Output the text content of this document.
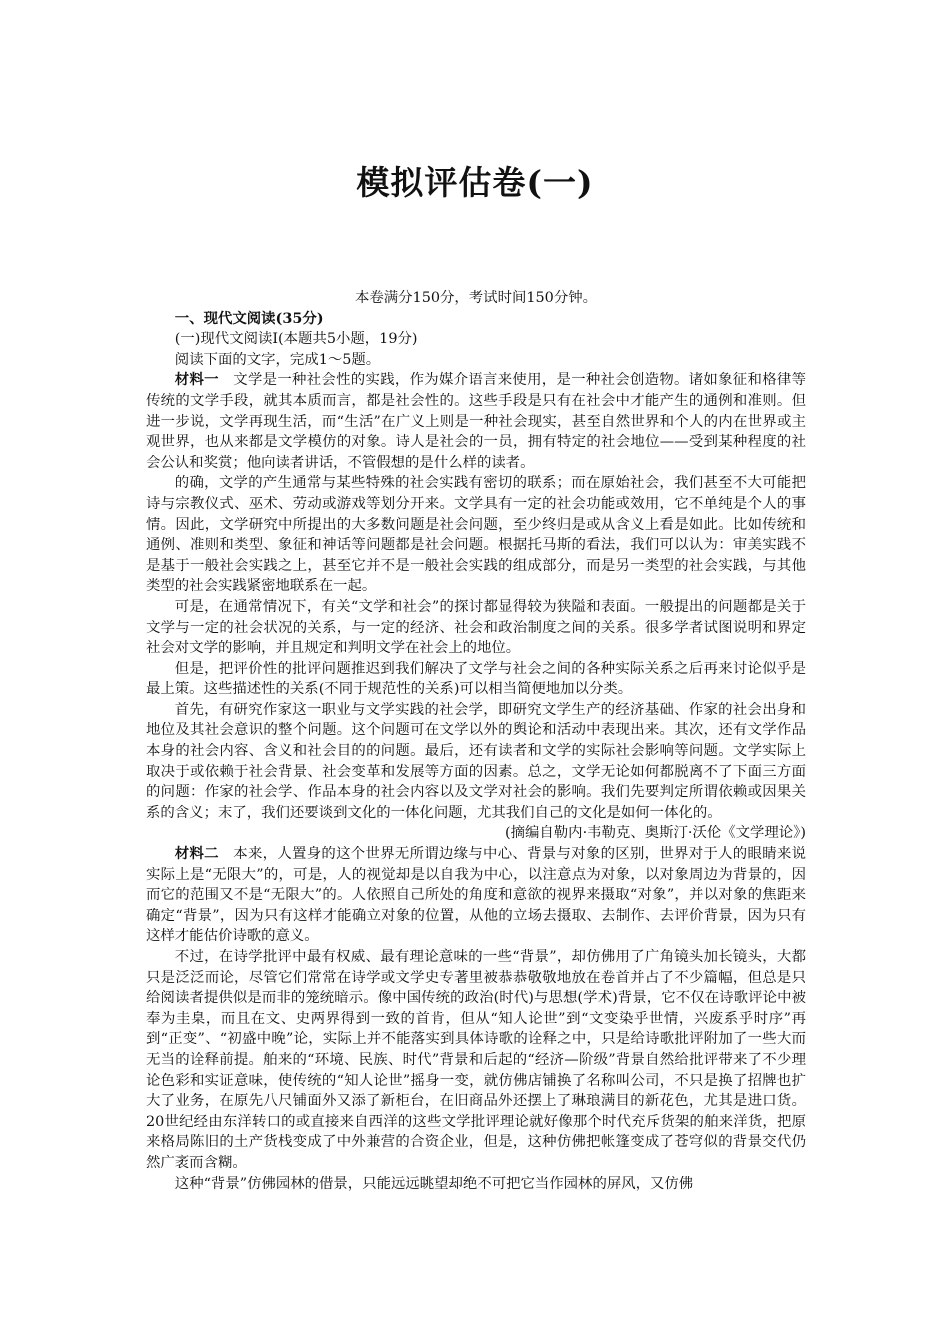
模拟评估卷(一)

本卷满分150分，考试时间150分钟。

一、现代文阅读(35分)

(一)现代文阅读Ⅰ(本题共5小题，19分)

阅读下面的文字，完成1～5题。

材料一 文学是一种社会性的实践，作为媒介语言来使用，是一种社会创造物。诸如象征和格律等传统的文学手段，就其本质而言，都是社会性的。这些手段是只有在社会中才能产生的通例和准则。但进一步说，文学再现生活，而“生活”在广义上则是一种社会现实，甚至自然世界和个人的内在世界或主观世界，也从来都是文学模仿的对象。诗人是社会的一员，拥有特定的社会地位——受到某种程度的社会公认和奖赏；他向读者讲话，不管假想的是什么样的读者。

的确，文学的产生通常与某些特殊的社会实践有密切的联系；而在原始社会，我们甚至不大可能把诗与宗教仪式、巫术、劳动或游戏等划分开来。文学具有一定的社会功能或效用，它不单纯是个人的事情。因此，文学研究中所提出的大多数问题是社会问题，至少终归是或从含义上看是如此。比如传统和通例、准则和类型、象征和神话等问题都是社会问题。根据托马斯的看法，我们可以认为：审美实践不是基于一般社会实践之上，甚至它并不是一般社会实践的组成部分，而是另一类型的社会实践，与其他类型的社会实践紧密地联系在一起。

可是，在通常情况下，有关“文学和社会”的探讨都显得较为狭隘和表面。一般提出的问题都是关于文学与一定的社会状况的关系，与一定的经济、社会和政治制度之间的关系。很多学者试图说明和界定社会对文学的影响，并且规定和判明文学在社会上的地位。

但是，把评价性的批评问题推迟到我们解决了文学与社会之间的各种实际关系之后再来讨论似乎是最上策。这些描述性的关系(不同于规范性的关系)可以相当简便地加以分类。

首先，有研究作家这一职业与文学实践的社会学，即研究文学生产的经济基础、作家的社会出身和地位及其社会意识的整个问题。这个问题可在文学以外的舆论和活动中表现出来。其次，还有文学作品本身的社会内容、含义和社会目的的问题。最后，还有读者和文学的实际社会影响等问题。文学实际上取决于或依赖于社会背景、社会变革和发展等方面的因素。总之，文学无论如何都脱离不了下面三方面的问题：作家的社会学、作品本身的社会内容以及文学对社会的影响。我们先要判定所谓依赖或因果关系的含义；末了，我们还要谈到文化的一体化问题，尤其我们自己的文化是如何一体化的。

(摘编自勒内·韦勒克、奥斯汀·沃伦《文学理论》)

材料二 本来，人置身的这个世界无所谓边缘与中心、背景与对象的区别，世界对于人的眼睛来说实际上是“无限大”的，可是，人的视觉却是以自我为中心，以注意点为对象，以对象周边为背景的，因而它的范围又不是“无限大”的。人依照自己所处的角度和意欲的视界来摄取“对象”，并以对象的焦距来确定“背景”，因为只有这样才能确立对象的位置，从他的立场去摄取、去制作、去评价背景，因为只有这样才能估价诗歌的意义。

不过，在诗学批评中最有权威、最有理论意味的一些“背景”，却仿佛用了广角镜头加长镜头，大都只是泛泛而论，尽管它们常常在诗学或文学史专著里被恭恭敬敬地放在卷首并占了不少篇幅，但总是只给阅读者提供似是而非的笼统暗示。像中国传统的政治(时代)与思想(学术)背景，它不仅在诗歌评论中被奉为圭臬，而且在文、史两界得到一致的首肯，但从“知人论世”到“文变染乎世情，兴废系乎时序”再到“正变”、“初盛中晚”论，实际上并不能落实到具体诗歌的诠释之中，只是给诗歌批评附加了一些大而无当的诠释前提。舶来的“环境、民族、时代”背景和后起的“经济—阶级”背景自然给批评带来了不少理论色彩和实证意味，使传统的“知人论世”摇身一变，就仿佛店铺换了名称叫公司，不只是换了招牌也扩大了业务，在原先八尺铺面外又添了新柜台，在旧商品外还摆上了琳琅满目的新花色，尤其是进口货。20世纪经由东洋转口的或直接来自西洋的这些文学批评理论就好像那个时代充斥货架的舶来洋货，把原来格局陈旧的土产货栈变成了中外兼营的合资企业，但是，这种仿佛把帐篷变成了苍穹似的背景交代仍然广袤而含糊。

这种“背景”仿佛园林的借景，只能远远眺望却绝不可把它当作园林的屏风，又仿佛
